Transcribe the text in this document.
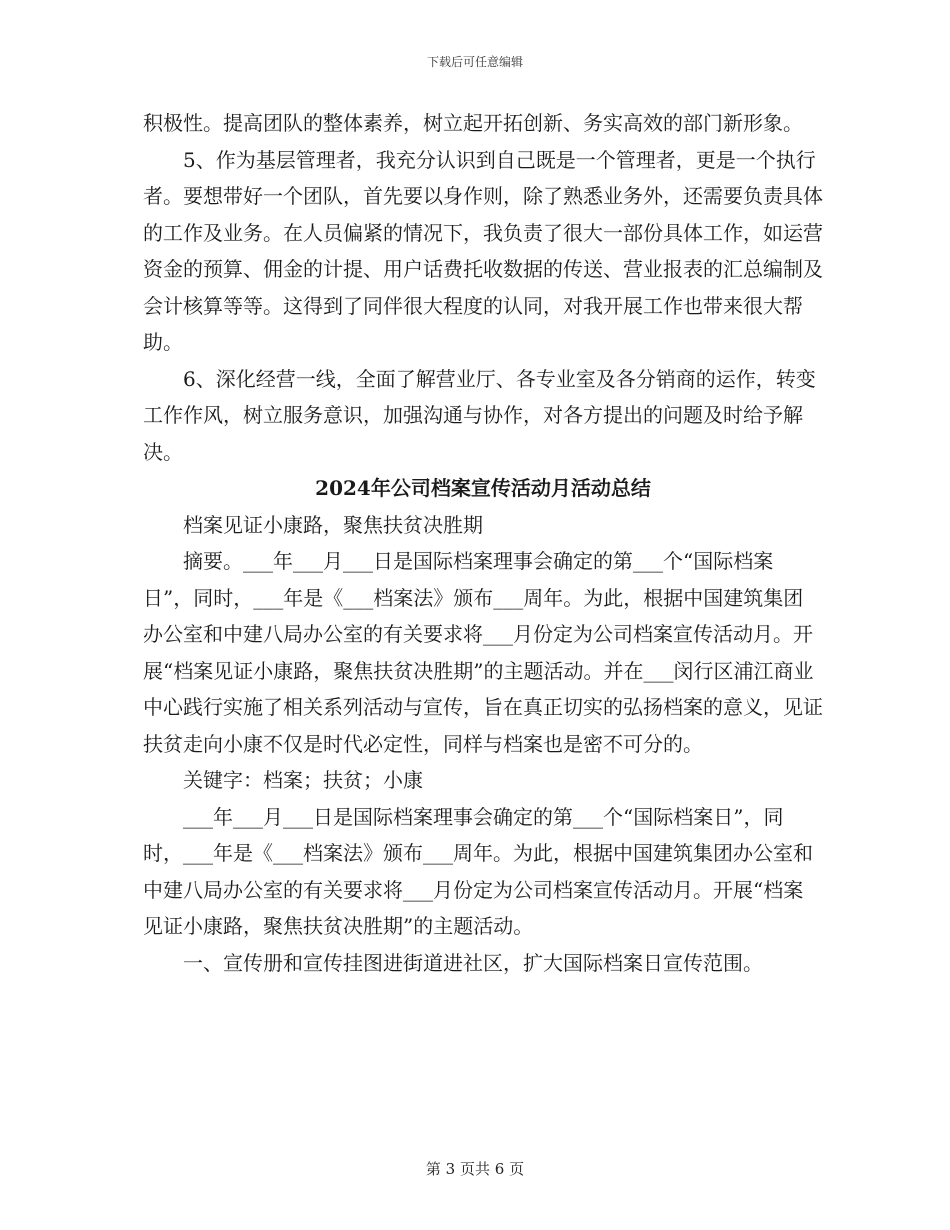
下载后可任意编辑

积极性。提高团队的整体素养，树立起开拓创新、务实高效的部门新形象。

5、作为基层管理者，我充分认识到自己既是一个管理者，更是一个执行者。要想带好一个团队，首先要以身作则，除了熟悉业务外，还需要负责具体的工作及业务。在人员偏紧的情况下，我负责了很大一部份具体工作，如运营资金的预算、佣金的计提、用户话费托收数据的传送、营业报表的汇总编制及会计核算等等。这得到了同伴很大程度的认同，对我开展工作也带来很大帮助。

6、深化经营一线，全面了解营业厅、各专业室及各分销商的运作，转变工作作风，树立服务意识，加强沟通与协作，对各方提出的问题及时给予解决。

2024年公司档案宣传活动月活动总结

档案见证小康路，聚焦扶贫决胜期

摘要。___年___月___日是国际档案理事会确定的第___个“国际档案日”，同时，___年是《___档案法》颁布___周年。为此，根据中国建筑集团办公室和中建八局办公室的有关要求将___月份定为公司档案宣传活动月。开展“档案见证小康路，聚焦扶贫决胜期”的主题活动。并在___闵行区浦江商业中心践行实施了相关系列活动与宣传，旨在真正切实的弘扬档案的意义，见证扶贫走向小康不仅是时代必定性，同样与档案也是密不可分的。

关键字：档案；扶贫；小康

___年___月___日是国际档案理事会确定的第___个“国际档案日”，同时，___年是《___档案法》颁布___周年。为此，根据中国建筑集团办公室和中建八局办公室的有关要求将___月份定为公司档案宣传活动月。开展“档案见证小康路，聚焦扶贫决胜期”的主题活动。

一、宣传册和宣传挂图进街道进社区，扩大国际档案日宣传范围。

第 3 页共 6 页
